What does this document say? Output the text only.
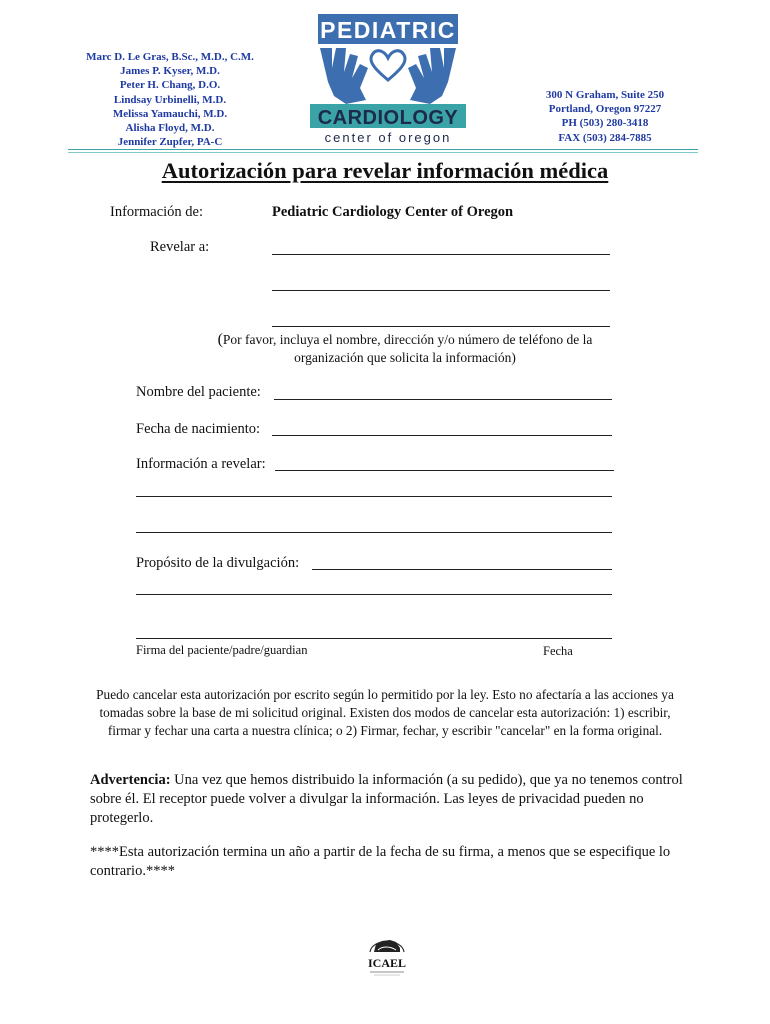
Marc D. Le Gras, B.Sc., M.D., C.M.
James P. Kyser, M.D.
Peter H. Chang, D.O.
Lindsay Urbinelli, M.D.
Melissa Yamauchi, M.D.
Alisha Floyd, M.D.
Jennifer Zupfer, PA-C
PEDIATRIC
CARDIOLOGY
center of oregon
300 N Graham, Suite 250
Portland, Oregon 97227
PH (503) 280-3418
FAX (503) 284-7885
Autorización para revelar información médica
Información de:	Pediatric Cardiology Center of Oregon
Revelar a:
(Por favor, incluya el nombre, dirección y/o número de teléfono de la
organización que solicita la información)
Nombre del paciente:
Fecha de nacimiento:
Información a revelar:
Propósito de la divulgación:
Firma del paciente/padre/guardian	Fecha
Puedo cancelar esta autorización por escrito según lo permitido por la ley. Esto no afectaría a las acciones ya tomadas sobre la base de mi solicitud original. Existen dos modos de cancelar esta autorización: 1) escribir, firmar y fechar una carta a nuestra clínica; o 2) Firmar, fechar, y escribir "cancelar" en la forma original.
Advertencia: Una vez que hemos distribuido la información (a su pedido), que ya no tenemos control sobre él. El receptor puede volver a divulgar la información. Las leyes de privacidad pueden no protegerlo.
****Esta autorización termina un año a partir de la fecha de su firma, a menos que se especifique lo contrario.****
ICAEL
